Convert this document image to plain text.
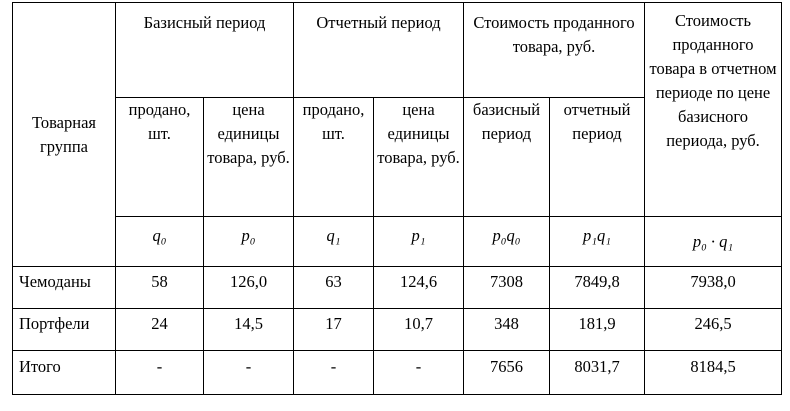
Товарная группа	Базисный период		Отчетный период		Стоимость проданного товара, руб.		Стоимость проданного товара в отчетном периоде по цене базисного периода, руб.
	продано, шт.	цена единицы товара, руб.	продано, шт.	цена единицы товара, руб.	базисный период	отчетный период	
	q₀	p₀	q₁	p₁	p₀q₀	p₁q₁	p₀ · q₁
Чемоданы	58	126,0	63	124,6	7308	7849,8	7938,0
Портфели	24	14,5	17	10,7	348	181,9	246,5
Итого	-	-	-	-	7656	8031,7	8184,5
